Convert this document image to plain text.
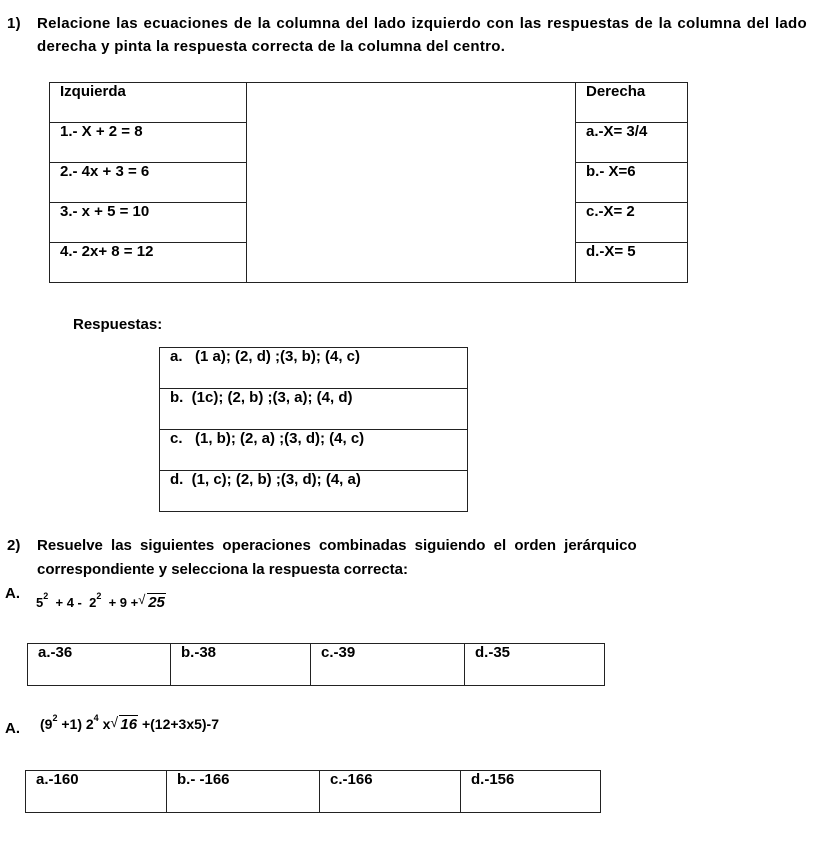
1)	Relacione las ecuaciones de la columna del lado izquierdo con las respuestas de la columna del lado derecha y pinta la respuesta correcta de la columna del centro.
Izquierda		Derecha
1.- X + 2 = 8		a.-X= 3/4
2.- 4x + 3 = 6		b.- X=6
3.- x + 5 = 10		c.-X= 2
4.- 2x+ 8 = 12		d.-X= 5
Respuestas:
a.   (1 a); (2, d) ;(3, b); (4, c)
b.  (1c); (2, b) ;(3, a); (4, d)
c.   (1, b); (2, a) ;(3, d); (4, c)
d.  (1, c); (2, b) ;(3, d); (4, a)
2)	Resuelve las siguientes operaciones combinadas siguiendo el orden jerárquico
correspondiente y selecciona la respuesta correcta:
A.
$5^2 + 4 - 2^2 + 9$ + √ 25
a.-36	b.-38	c.-39	d.-35
A. $(9^2 +1)$ $2^4$ x √ 16 +(12+3x5)-7
a.-160	b.- -166	c.-166	d.-156
